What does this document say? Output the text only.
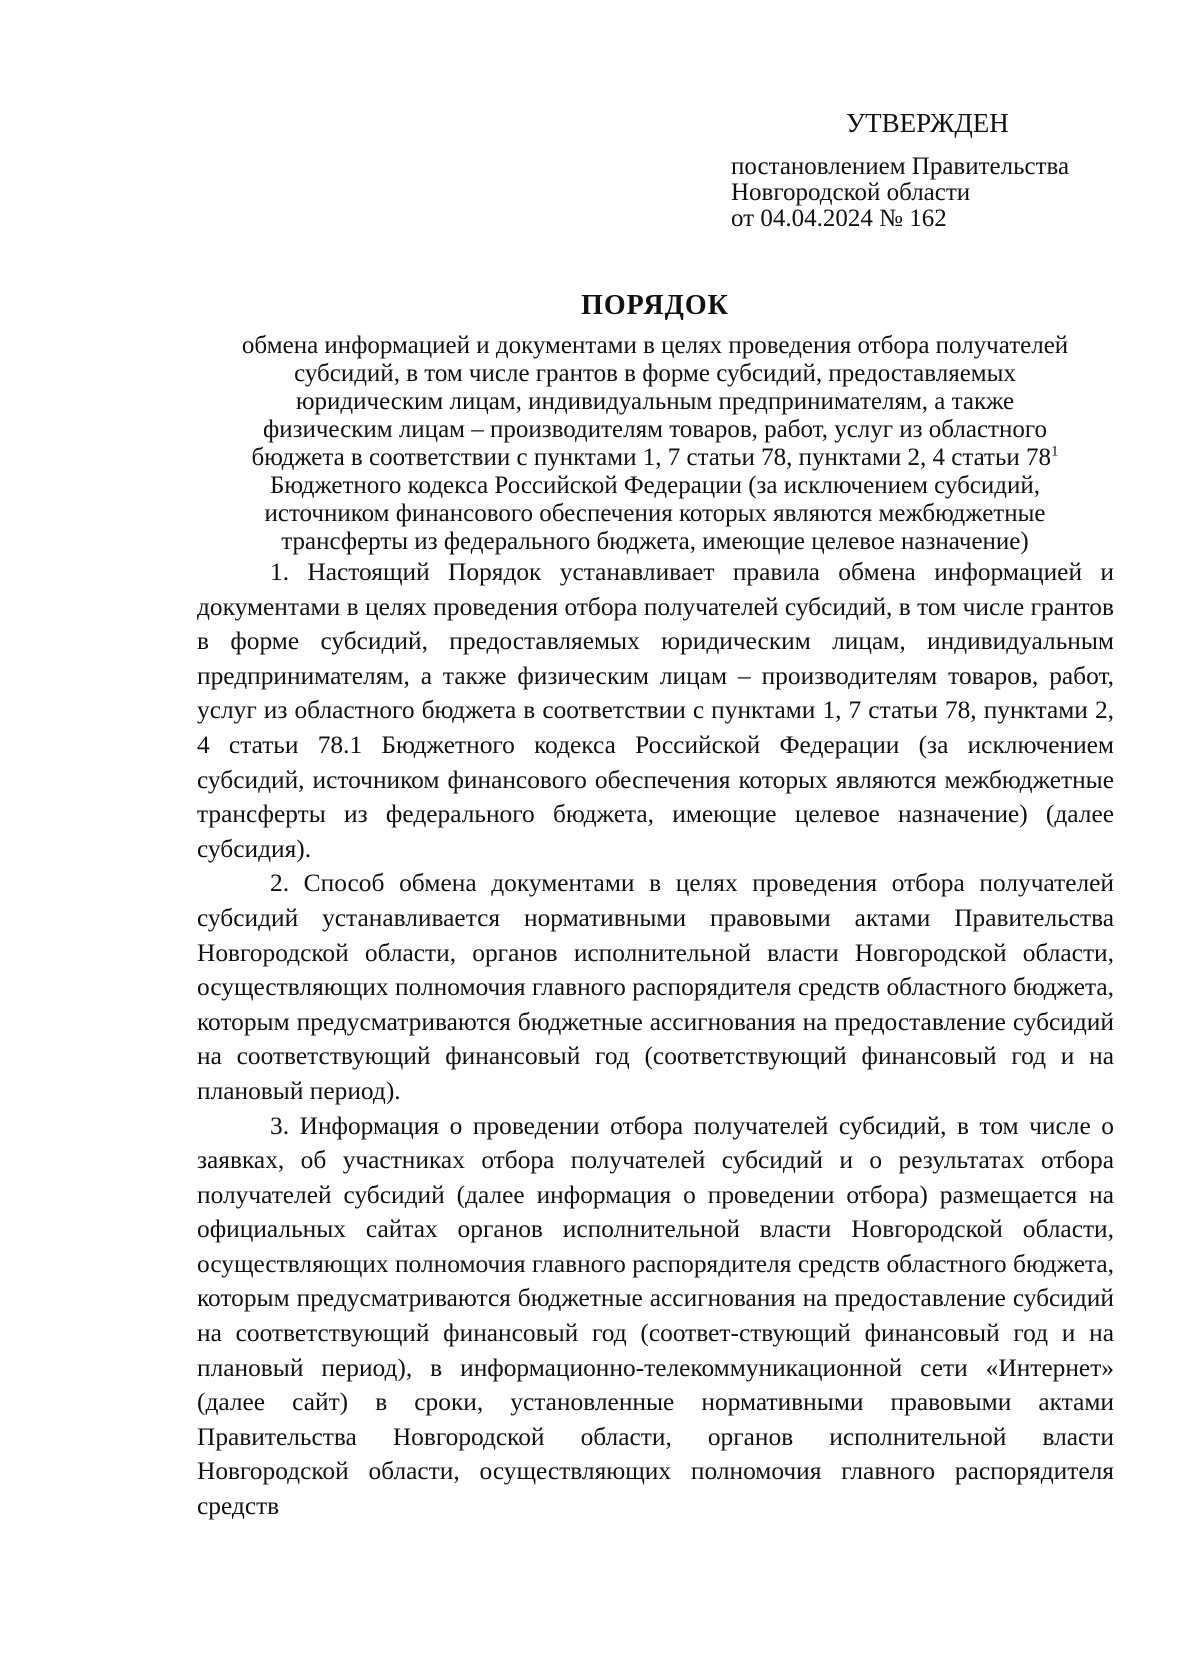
УТВЕРЖДЕН
постановлением Правительства
Новгородской области
от 04.04.2024 № 162
ПОРЯДОК
обмена информацией и документами в целях проведения отбора получателей
субсидий, в том числе грантов в форме субсидий, предоставляемых
юридическим лицам, индивидуальным предпринимателям, а также
физическим лицам – производителям товаров, работ, услуг из областного
бюджета в соответствии с пунктами 1, 7 статьи 78, пунктами 2, 4 статьи $78^1$
Бюджетного кодекса Российской Федерации (за исключением субсидий,
источником финансового обеспечения которых являются межбюджетные
трансферты из федерального бюджета, имеющие целевое назначение)

1. Настоящий Порядок устанавливает правила обмена информацией и документами в целях проведения отбора получателей субсидий, в том числе грантов в форме субсидий, предоставляемых юридическим лицам, индивидуальным предпринимателям, а также физическим лицам – производителям товаров, работ, услуг из областного бюджета в соответствии с пунктами 1, 7 статьи 78, пунктами 2, 4 статьи 78.1 Бюджетного кодекса Российской Федерации (за исключением субсидий, источником финансового обеспечения которых являются межбюджетные трансферты из федерального бюджета, имеющие целевое назначение) (далее субсидия).

2. Способ обмена документами в целях проведения отбора получателей субсидий устанавливается нормативными правовыми актами Правительства Новгородской области, органов исполнительной власти Новгородской области, осуществляющих полномочия главного распорядителя средств областного бюджета, которым предусматриваются бюджетные ассигнования на предоставление субсидий на соответствующий финансовый год (соответствующий финансовый год и на плановый период).

3. Информация о проведении отбора получателей субсидий, в том числе о заявках, об участниках отбора получателей субсидий и о результатах отбора получателей субсидий (далее информация о проведении отбора) размещается на официальных сайтах органов исполнительной власти Новгородской области, осуществляющих полномочия главного распорядителя средств областного бюджета, которым предусматриваются бюджетные ассигнования на предоставление субсидий на соответствующий финансовый год (соответ-ствующий финансовый год и на плановый период), в информационно-телекоммуникационной сети «Интернет» (далее сайт) в сроки, установленные нормативными правовыми актами Правительства Новгородской области, органов исполнительной власти Новгородской области, осуществляющих полномочия главного распорядителя средств
